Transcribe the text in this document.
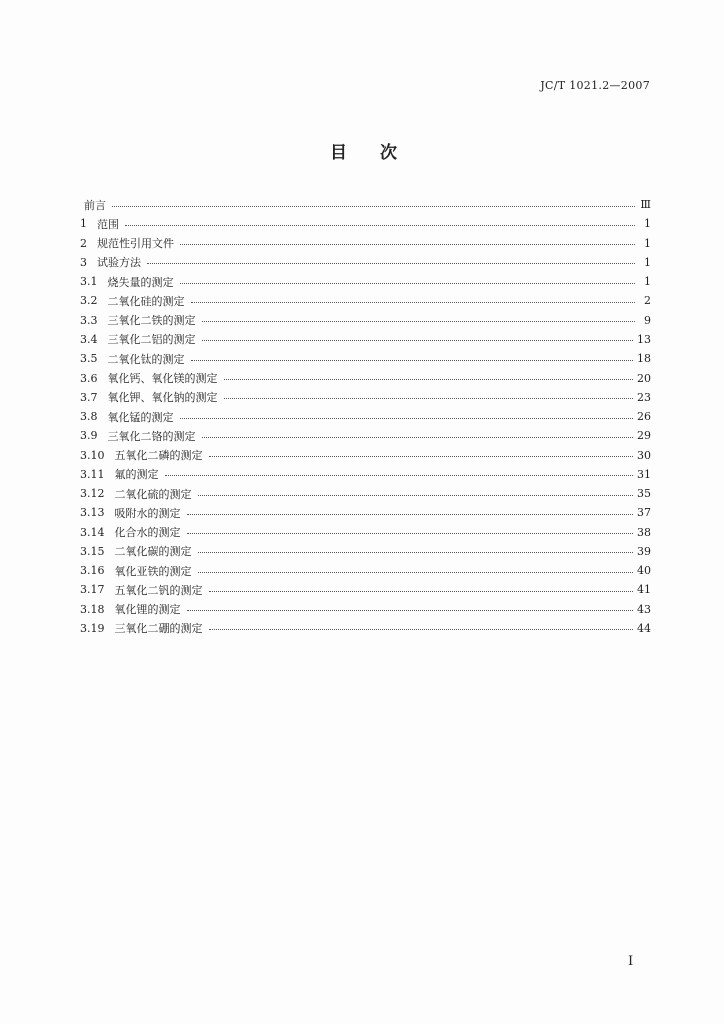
JC/T 1021.2—2007
目　次
前言	Ⅲ
1 范围	1
2 规范性引用文件	1
3 试验方法	1
3.1 烧失量的测定	1
3.2 二氧化硅的测定	2
3.3 三氧化二铁的测定	9
3.4 三氧化二铝的测定	13
3.5 二氧化钛的测定	18
3.6 氧化钙、氧化镁的测定	20
3.7 氧化钾、氧化钠的测定	23
3.8 氧化锰的测定	26
3.9 三氧化二铬的测定	29
3.10 五氧化二磷的测定	30
3.11 氟的测定	31
3.12 二氧化硫的测定	35
3.13 吸附水的测定	37
3.14 化合水的测定	38
3.15 二氧化碳的测定	39
3.16 氧化亚铁的测定	40
3.17 五氧化二钒的测定	41
3.18 氧化锂的测定	43
3.19 三氧化二硼的测定	44
Ⅰ
